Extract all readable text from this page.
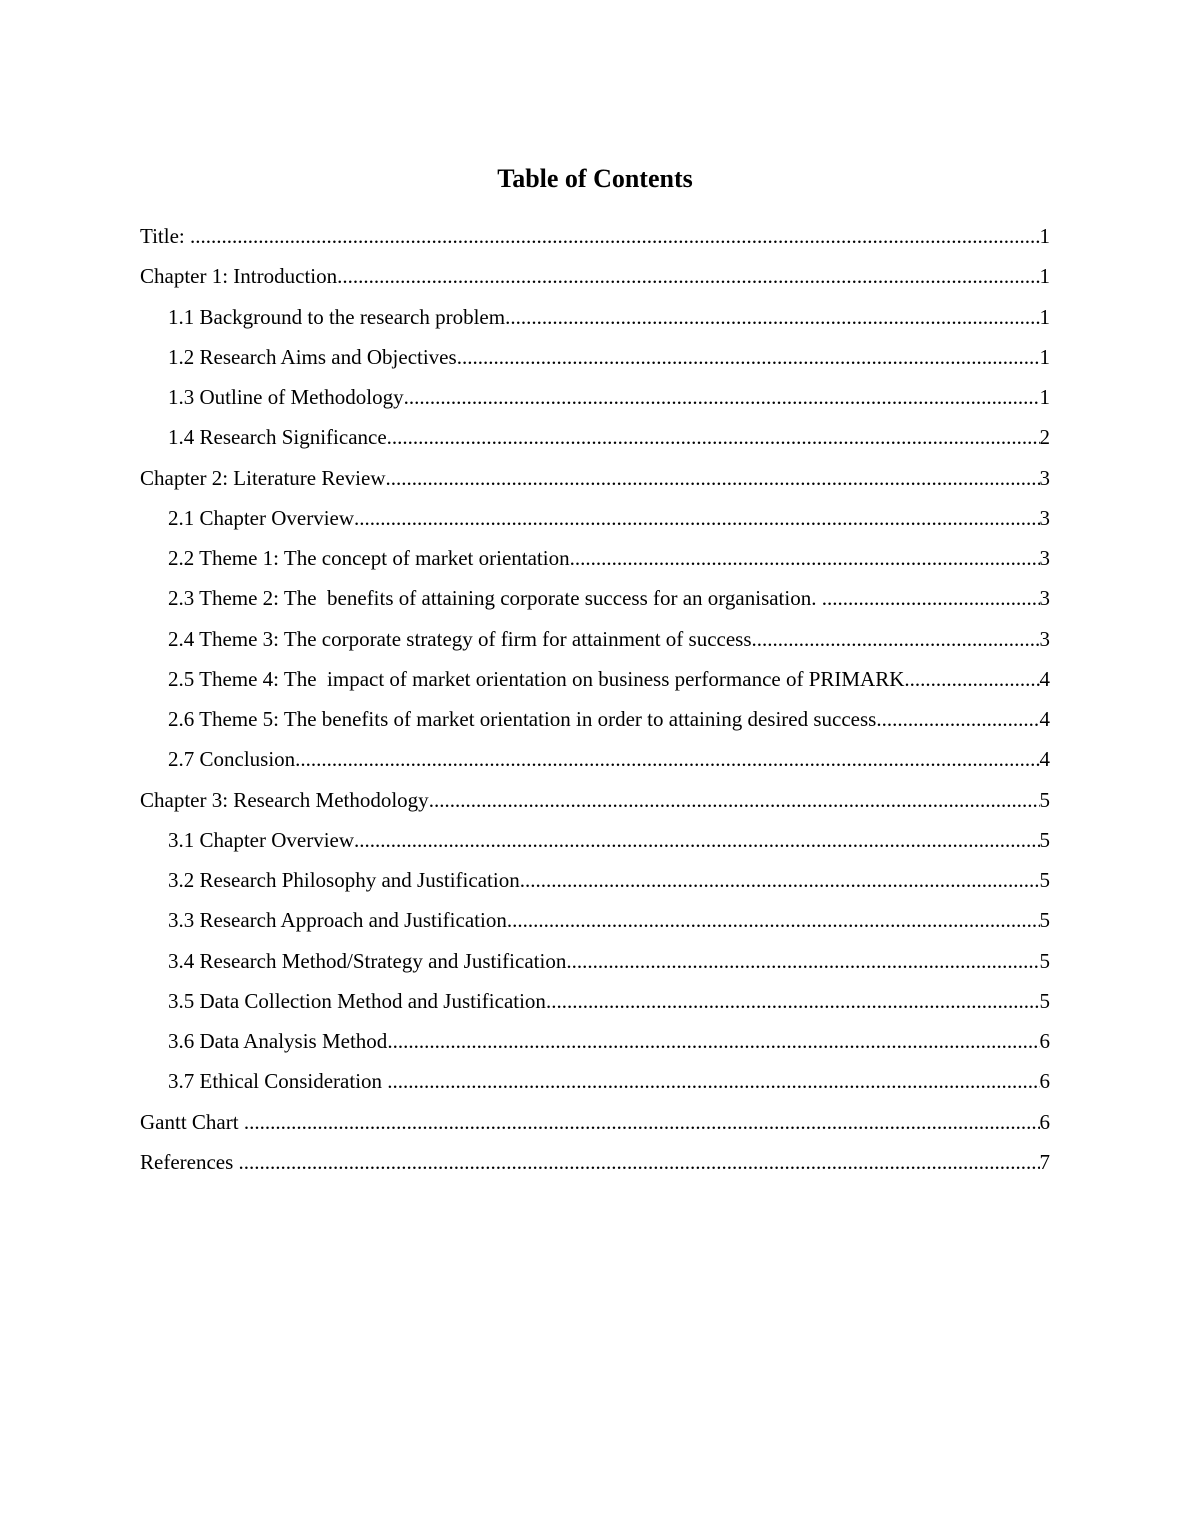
Table of Contents
Title: .....	1
Chapter 1: Introduction .....	1
1.1 Background to the research problem .....	1
1.2 Research Aims and Objectives .....	1
1.3 Outline of Methodology .....	1
1.4 Research Significance .....	2
Chapter 2: Literature Review .....	3
2.1 Chapter Overview .....	3
2.2 Theme 1: The concept of market orientation .....	3
2.3 Theme 2: The  benefits of attaining corporate success for an organisation. .....	3
2.4 Theme 3: The corporate strategy of firm for attainment of success .....	3
2.5 Theme 4: The  impact of market orientation on business performance of PRIMARK .....	4
2.6 Theme 5: The benefits of market orientation in order to attaining desired success .....	4
2.7 Conclusion .....	4
Chapter 3: Research Methodology .....	5
3.1 Chapter Overview .....	5
3.2 Research Philosophy and Justification .....	5
3.3 Research Approach and Justification .....	5
3.4 Research Method/Strategy and Justification .....	5
3.5 Data Collection Method and Justification .....	5
3.6 Data Analysis Method .....	6
3.7 Ethical Consideration .....	6
Gantt Chart .....	6
References .....	7
